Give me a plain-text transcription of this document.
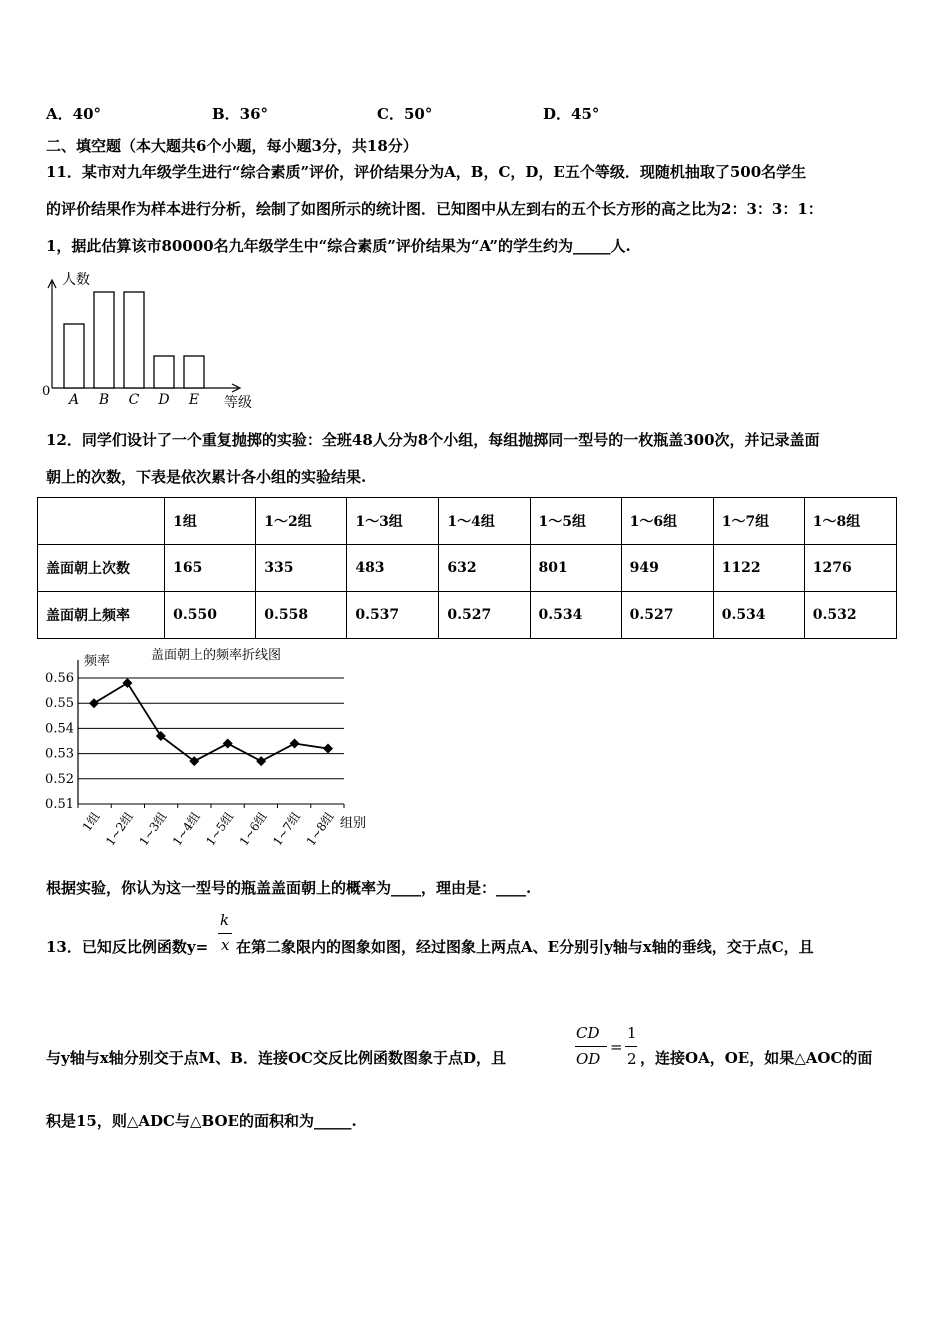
A．40°	B．36°	C．50°	D．45°
二、填空题（本大题共6个小题，每小题3分，共18分）
11．某市对九年级学生进行“综合素质”评价，评价结果分为A，B，C，D，E五个等级．现随机抽取了500名学生
的评价结果作为样本进行分析，绘制了如图所示的统计图．已知图中从左到右的五个长方形的高之比为2：3：3：1：
1，据此估算该市80000名九年级学生中“综合素质”评价结果为“A”的学生约为_____人.
人数
等级
0
A B C D E
12．同学们设计了一个重复抛掷的实验：全班48人分为8个小组，每组抛掷同一型号的一枚瓶盖300次，并记录盖面
朝上的次数，下表是依次累计各小组的实验结果.
	1组	1～2组	1～3组	1～4组	1～5组	1～6组	1～7组	1～8组
盖面朝上次数	165	335	483	632	801	949	1122	1276
盖面朝上频率	0.550	0.558	0.537	0.527	0.534	0.527	0.534	0.532
0.51
0.52
0.53
0.54
0.55
0.56
频率	盖面朝上的频率折线图
组别
1组 1~2组 1~3组 1~4组 1~5组 1~6组 1~7组 1~8组
根据实验，你认为这一型号的瓶盖盖面朝上的概率为____，理由是：____.
13．已知反比例函数y=
k
x 在第二象限内的图象如图，经过图象上两点A、E分别引y轴与x轴的垂线，交于点C，且
与y轴与x轴分别交于点M、B．连接OC交反比例函数图象于点D，且
CD
OD
=
1
2 ，连接OA，OE，如果△AOC的面
积是15，则△ADC与△BOE的面积和为_____.
